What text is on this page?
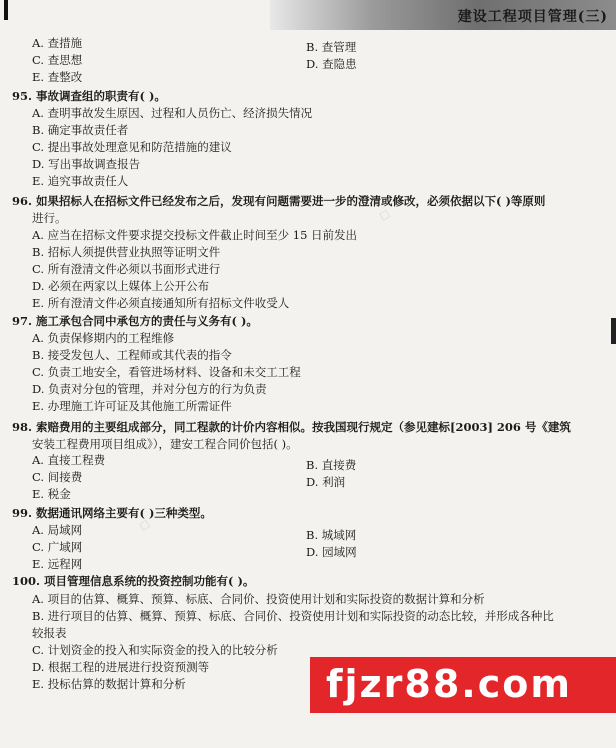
建设工程项目管理(三)
A. 查措施	B. 查管理
C. 查思想	D. 查隐患
E. 查整改
95. 事故调查组的职责有( )。
A. 查明事故发生原因、过程和人员伤亡、经济损失情况
B. 确定事故责任者
C. 提出事故处理意见和防范措施的建议
D. 写出事故调查报告
E. 追究事故责任人
96. 如果招标人在招标文件已经发布之后，发现有问题需要进一步的澄清或修改，必须依据以下( )等原则
进行。
A. 应当在招标文件要求提交投标文件截止时间至少 15 日前发出
B. 招标人须提供营业执照等证明文件
C. 所有澄清文件必须以书面形式进行
D. 必须在两家以上媒体上公开公布
E. 所有澄清文件必须直接通知所有招标文件收受人
97. 施工承包合同中承包方的责任与义务有( )。
A. 负责保修期内的工程维修
B. 接受发包人、工程师或其代表的指令
C. 负责工地安全，看管进场材料、设备和未交工工程
D. 负责对分包的管理，并对分包方的行为负责
E. 办理施工许可证及其他施工所需证件
98. 索赔费用的主要组成部分，同工程款的计价内容相似。按我国现行规定（参见建标[2003] 206 号《建筑
安装工程费用项目组成》），建安工程合同价包括( )。
A. 直接工程费	B. 直接费
C. 间接费	D. 利润
E. 税金
99. 数据通讯网络主要有( )三种类型。
A. 局域网	B. 城域网
C. 广域网	D. 园域网
E. 远程网
100. 项目管理信息系统的投资控制功能有( )。
A. 项目的估算、概算、预算、标底、合同价、投资使用计划和实际投资的数据计算和分析
B. 进行项目的估算、概算、预算、标底、合同价、投资使用计划和实际投资的动态比较，并形成各种比
较报表
C. 计划资金的投入和实际资金的投入的比较分析
D. 根据工程的进展进行投资预测等
E. 投标估算的数据计算和分析
□
□
fjzr88.com
